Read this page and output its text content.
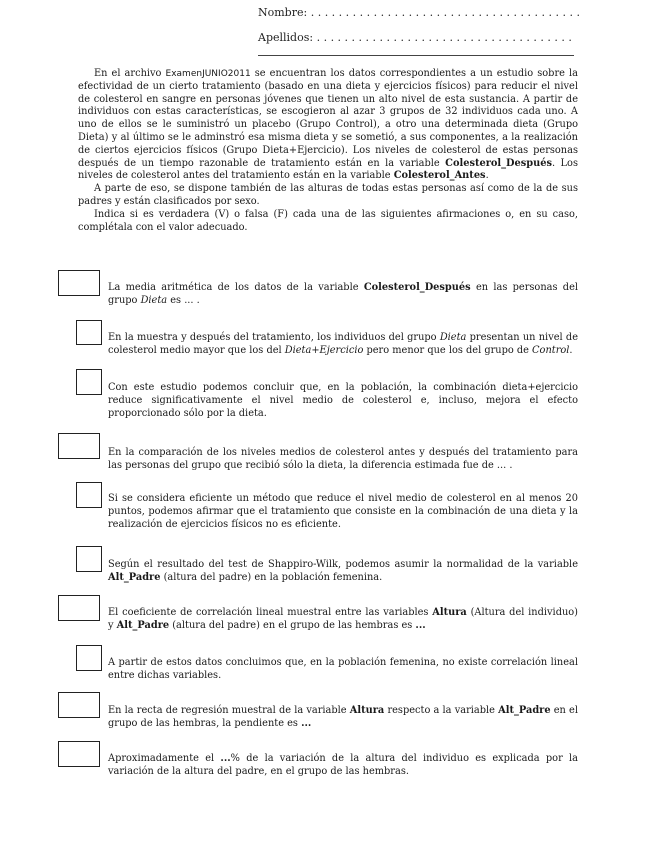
Nombre: . . . . . . . . . . . . . . . . . . . . . . . . . . . . . . . . . . . . . . .
Apellidos: . . . . . . . . . . . . . . . . . . . . . . . . . . . . . . . . . . . . .

En el archivo ExamenJUNIO2011 se encuentran los datos correspondientes a un estudio sobre la efectividad de un cierto tratamiento (basado en una dieta y ejercicios físicos) para reducir el nivel de colesterol en sangre en personas jóvenes que tienen un alto nivel de esta sustancia. A partir de individuos con estas características, se escogieron al azar 3 grupos de 32 individuos cada uno. A uno de ellos se le suministró un placebo (Grupo Control), a otro una determinada dieta (Grupo Dieta) y al último se le adminstró esa misma dieta y se sometió, a sus componentes, a la realización de ciertos ejercicios físicos (Grupo Dieta+Ejercicio). Los niveles de colesterol de estas personas después de un tiempo razonable de tratamiento están en la variable Colesterol_Después. Los niveles de colesterol antes del tratamiento están en la variable Colesterol_Antes.

A parte de eso, se dispone también de las alturas de todas estas personas así como de la de sus padres y están clasificados por sexo.

Indica si es verdadera (V) o falsa (F) cada una de las siguientes afirmaciones o, en su caso, complétala con el valor adecuado.

La media aritmética de los datos de la variable Colesterol_Después en las personas del grupo Dieta es ... .
En la muestra y después del tratamiento, los individuos del grupo Dieta presentan un nivel de colesterol medio mayor que los del Dieta+Ejercicio pero menor que los del grupo de Control.
Con este estudio podemos concluir que, en la población, la combinación dieta+ejercicio reduce significativamente el nivel medio de colesterol e, incluso, mejora el efecto proporcionado sólo por la dieta.
En la comparación de los niveles medios de colesterol antes y después del tratamiento para las personas del grupo que recibió sólo la dieta, la diferencia estimada fue de ... .
Si se considera eficiente un método que reduce el nivel medio de colesterol en al menos 20 puntos, podemos afirmar que el tratamiento que consiste en la combinación de una dieta y la realización de ejercicios físicos no es eficiente.
Según el resultado del test de Shappiro-Wilk, podemos asumir la normalidad de la variable Alt_Padre (altura del padre) en la población femenina.
El coeficiente de correlación lineal muestral entre las variables Altura (Altura del individuo) y Alt_Padre (altura del padre) en el grupo de las hembras es ...
A partir de estos datos concluimos que, en la población femenina, no existe correlación lineal entre dichas variables.
En la recta de regresión muestral de la variable Altura respecto a la variable Alt_Padre en el grupo de las hembras, la pendiente es ...
Aproximadamente el ...% de la variación de la altura del individuo es explicada por la variación de la altura del padre, en el grupo de las hembras.
